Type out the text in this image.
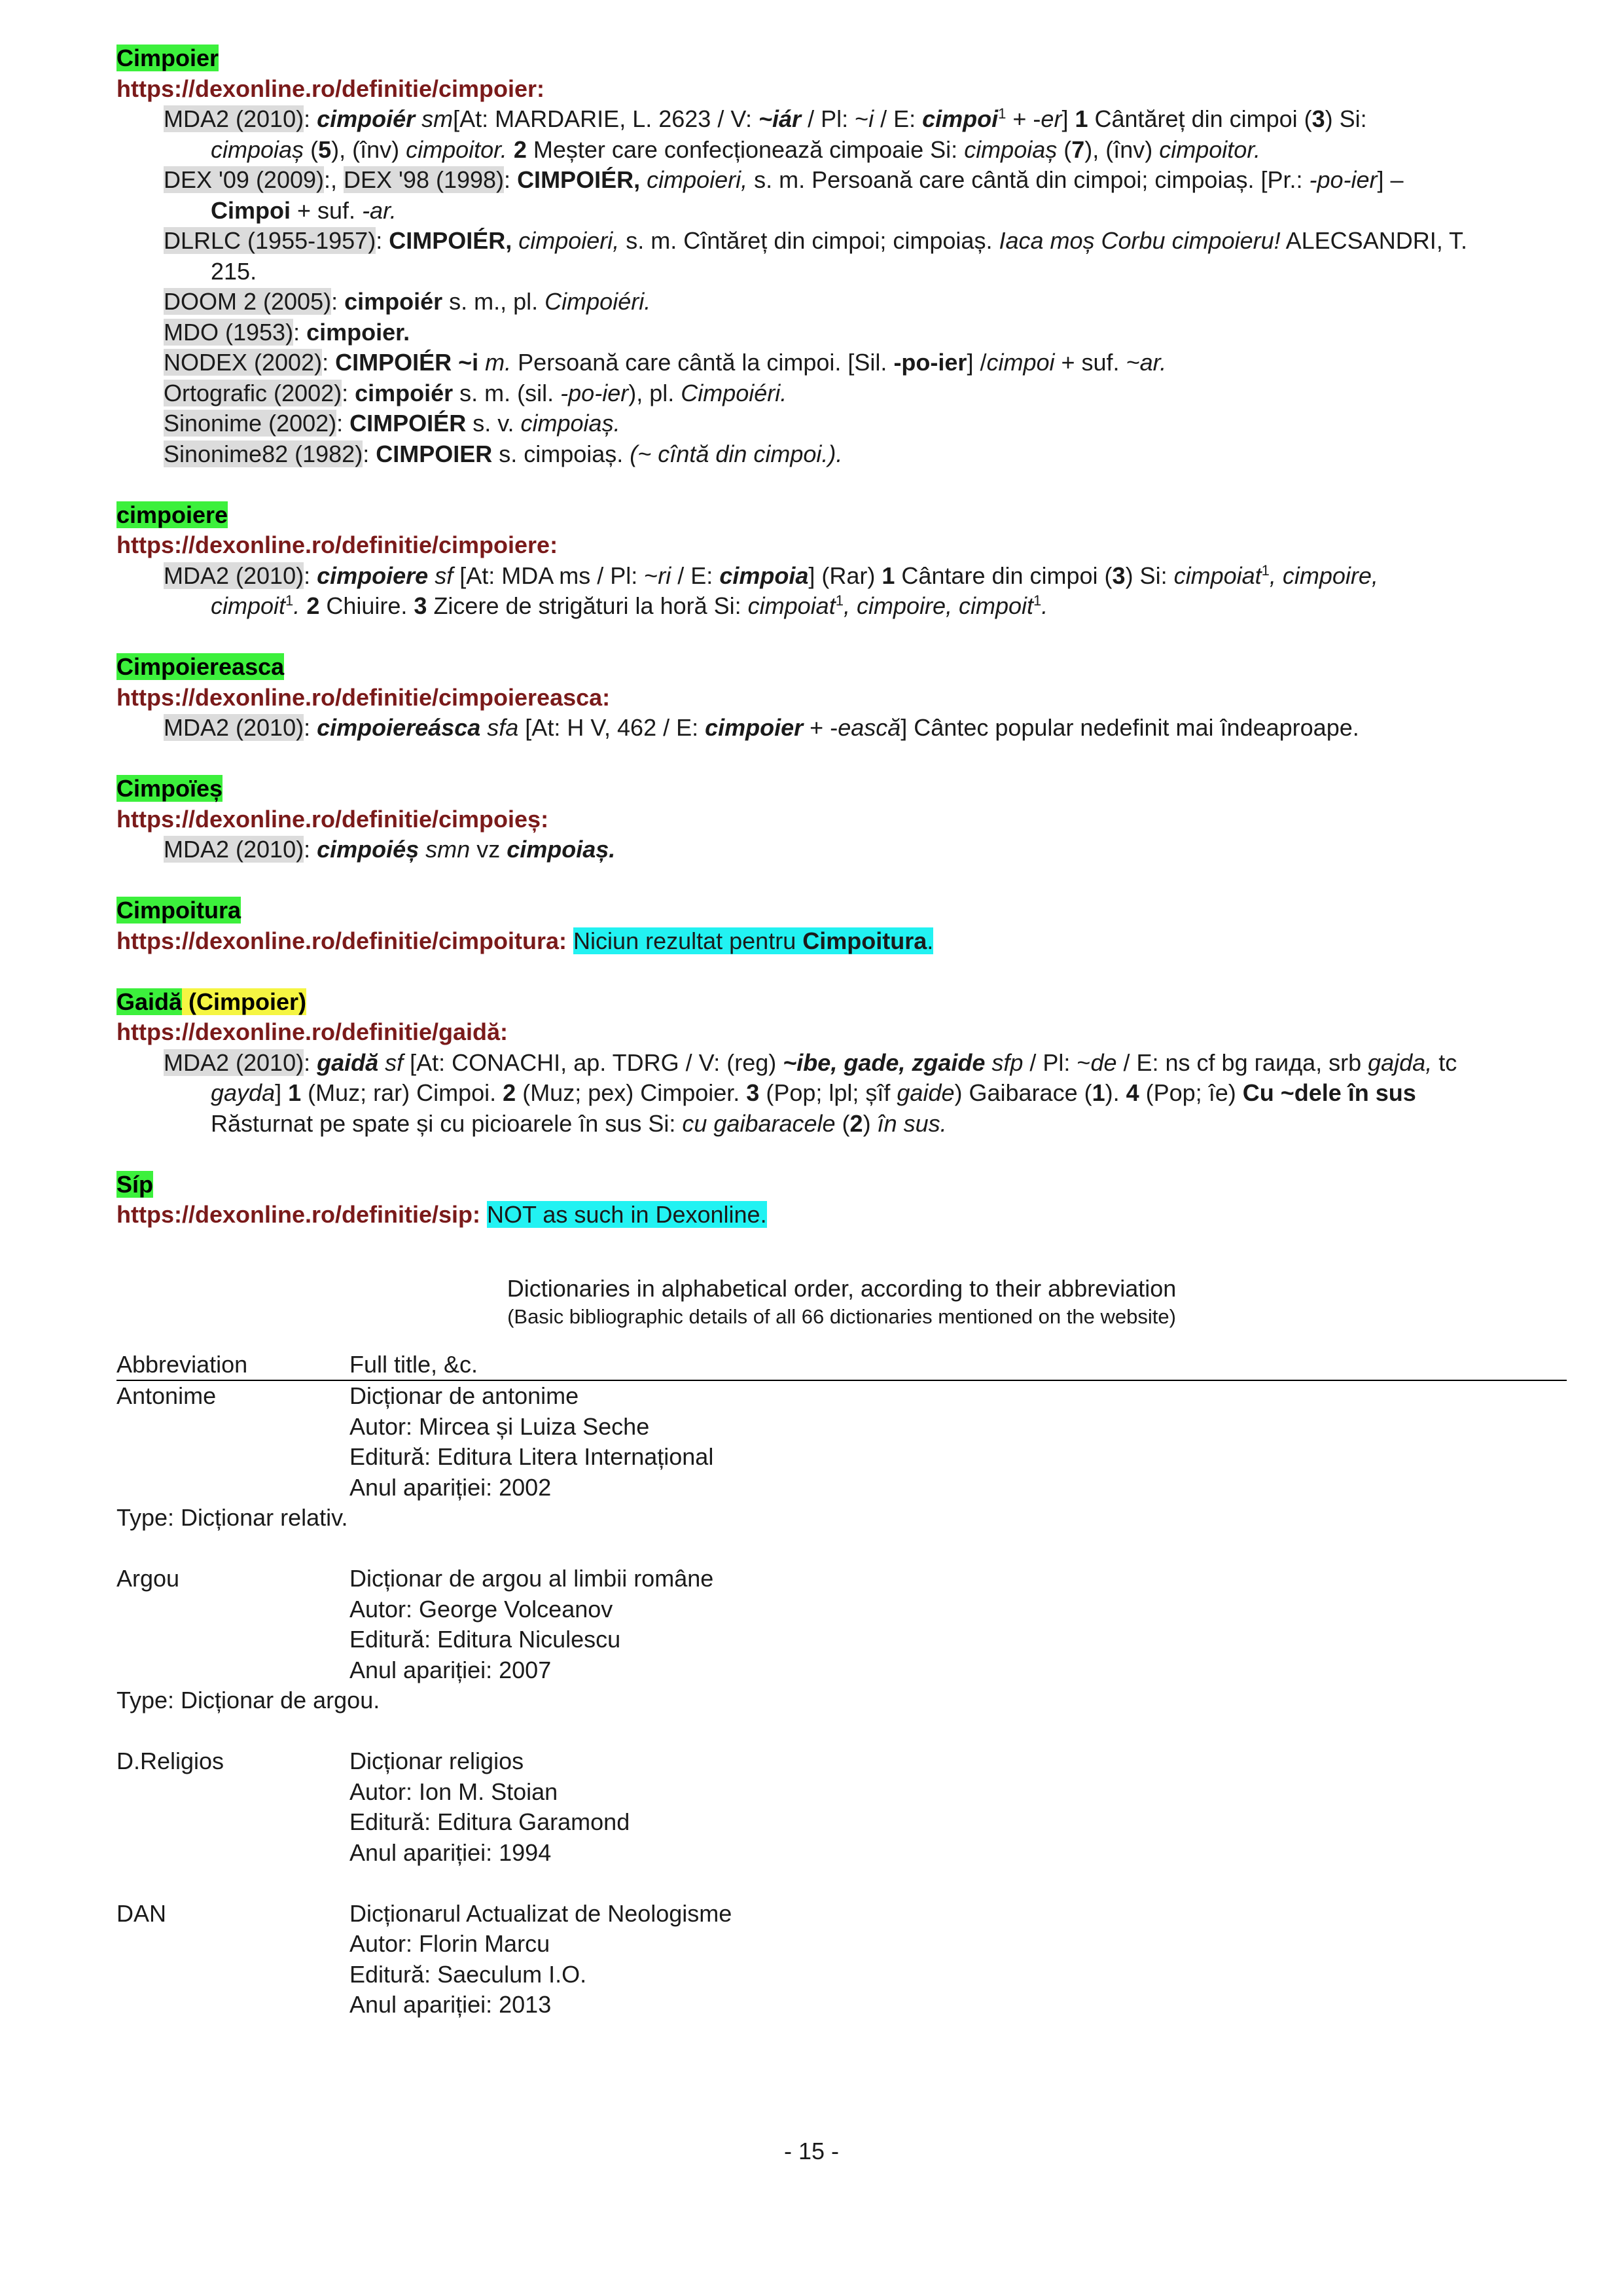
Cimpoier
https://dexonline.ro/definitie/cimpoier:
MDA2 (2010): cimpoiér sm[At: MARDARIE, L. 2623 / V: ~iár / Pl: ~i / E: cimpoi$^1$ + -er] 1 Cântăreț din cimpoi (3) Si:
cimpoiaș (5), (înv) cimpoitor. 2 Meșter care confecționează cimpoaie Si: cimpoiaș (7), (înv) cimpoitor.
DEX '09 (2009):, DEX '98 (1998): CIMPOIÉR, cimpoieri, s. m. Persoană care cântă din cimpoi; cimpoiaș. [Pr.: -po-ier] –
Cimpoi + suf. -ar.
DLRLC (1955-1957): CIMPOIÉR, cimpoieri, s. m. Cîntăreț din cimpoi; cimpoiaș. Iaca moș Corbu cimpoieru! ALECSANDRI, T.
215.
DOOM 2 (2005): cimpoiér s. m., pl. Cimpoiéri.
MDO (1953): cimpoier.
NODEX (2002): CIMPOIÉR ~i m. Persoană care cântă la cimpoi. [Sil. -po-ier] /cimpoi + suf. ~ar.
Ortografic (2002): cimpoiér s. m. (sil. -po-ier), pl. Cimpoiéri.
Sinonime (2002): CIMPOIÉR s. v. cimpoiaș.
Sinonime82 (1982): CIMPOIER s. cimpoiaș. (~ cîntă din cimpoi.).
cimpoiere
https://dexonline.ro/definitie/cimpoiere:
MDA2 (2010): cimpoiere sf [At: MDA ms / Pl: ~ri / E: cimpoia] (Rar) 1 Cântare din cimpoi (3) Si: cimpoiat$^1$, cimpoire,
cimpoit$^1$. 2 Chiuire. 3 Zicere de strigături la horă Si: cimpoiat$^1$, cimpoire, cimpoit$^1$.
Cimpoiereasca
https://dexonline.ro/definitie/cimpoiereasca:
MDA2 (2010): cimpoiereásca sfa [At: H V, 462 / E: cimpoier + -ească] Cântec popular nedefinit mai îndeaproape.
Cimpoïeș
https://dexonline.ro/definitie/cimpoieș:
MDA2 (2010): cimpoiéș smn vz cimpoiaș.
Cimpoitura
https://dexonline.ro/definitie/cimpoitura: Niciun rezultat pentru Cimpoitura.
Gaidă (Cimpoier)
https://dexonline.ro/definitie/gaidă:
MDA2 (2010): gaidă sf [At: CONACHI, ap. TDRG / V: (reg) ~ibe, gade, zgaide sfp / Pl: ~de / E: ns cf bg гаида, srb gajda, tc
gayda] 1 (Muz; rar) Cimpoi. 2 (Muz; pex) Cimpoier. 3 (Pop; lpl; șîf gaide) Gaibarace (1). 4 (Pop; îe) Cu ~dele în sus
Răsturnat pe spate și cu picioarele în sus Si: cu gaibaracele (2) în sus.
Síp
https://dexonline.ro/definitie/sip: NOT as such in Dexonline.
Dictionaries in alphabetical order, according to their abbreviation
(Basic bibliographic details of all 66 dictionaries mentioned on the website)
Abbreviation	Full title, &c.
Antonime	Dicționar de antonime
Autor: Mircea și Luiza Seche
Editură: Editura Litera Internațional
Anul apariției: 2002
Type: Dicționar relativ.
Argou	Dicționar de argou al limbii române
Autor: George Volceanov
Editură: Editura Niculescu
Anul apariției: 2007
Type: Dicționar de argou.
D.Religios	Dicționar religios
Autor: Ion M. Stoian
Editură: Editura Garamond
Anul apariției: 1994
DAN	Dicționarul Actualizat de Neologisme
Autor: Florin Marcu
Editură: Saeculum I.O.
Anul apariției: 2013
- 15 -
